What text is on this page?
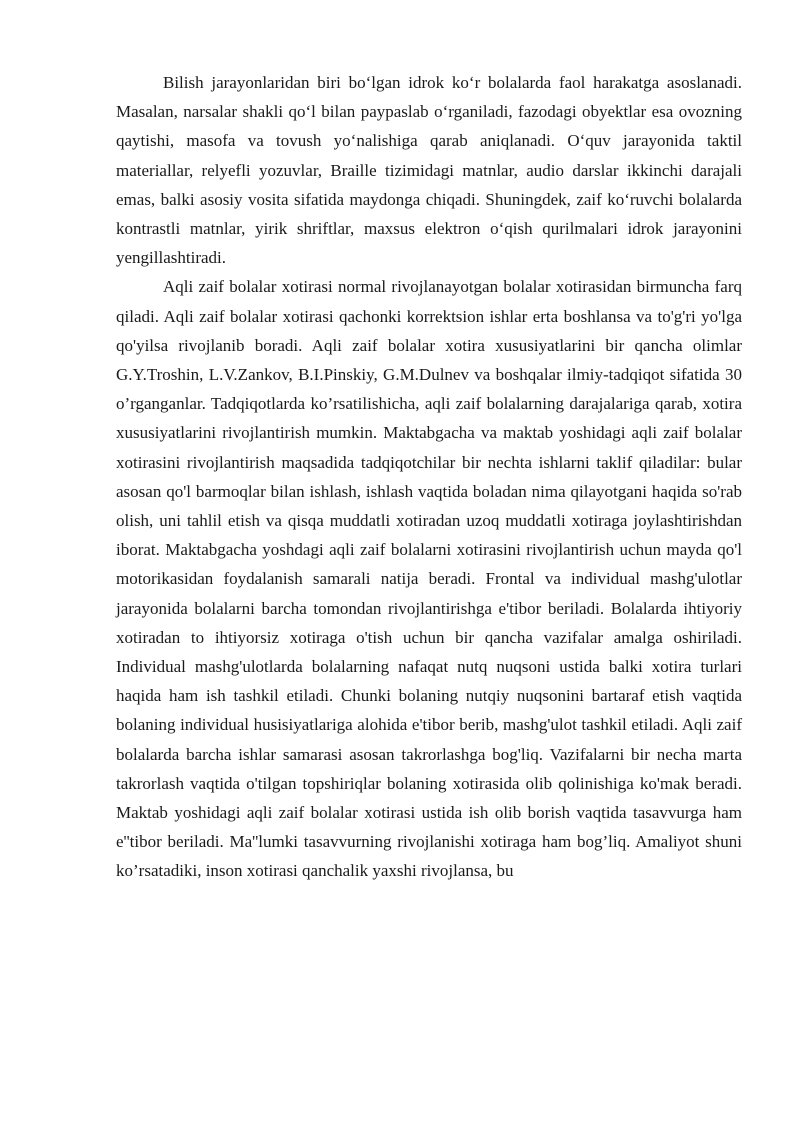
Bilish jarayonlaridan biri bo‘lgan idrok ko‘r bolalarda faol harakatga asoslanadi. Masalan, narsalar shakli qo‘l bilan paypaslab o‘rganiladi, fazodagi obyektlar esa ovozning qaytishi, masofa va tovush yo‘nalishiga qarab aniqlanadi. O‘quv jarayonida taktil materiallar, relyefli yozuvlar, Braille tizimidagi matnlar, audio darslar ikkinchi darajali emas, balki asosiy vosita sifatida maydonga chiqadi. Shuningdek, zaif ko‘ruvchi bolalarda kontrastli matnlar, yirik shriftlar, maxsus elektron o‘qish qurilmalari idrok jarayonini yengillashtiradi.

Aqli zaif bolalar xotirasi normal rivojlanayotgan bolalar xotirasidan birmuncha farq qiladi. Aqli zaif bolalar xotirasi qachonki korrektsion ishlar erta boshlansa va to'g'ri yo'lga qo'yilsa rivojlanib boradi. Aqli zaif bolalar xotira xususiyatlarini bir qancha olimlar G.Y.Troshin, L.V.Zankov, B.I.Pinskiy, G.M.Dulnev va boshqalar ilmiy-tadqiqot sifatida 30 o’rganganlar. Tadqiqotlarda ko’rsatilishicha, aqli zaif bolalarning darajalariga qarab, xotira xususiyatlarini rivojlantirish mumkin. Maktabgacha va maktab yoshidagi aqli zaif bolalar xotirasini rivojlantirish maqsadida tadqiqotchilar bir nechta ishlarni taklif qiladilar: bular asosan qo'l barmoqlar bilan ishlash, ishlash vaqtida boladan nima qilayotgani haqida so'rab olish, uni tahlil etish va qisqa muddatli xotiradan uzoq muddatli xotiraga joylashtirishdan iborat. Maktabgacha yoshdagi aqli zaif bolalarni xotirasini rivojlantirish uchun mayda qo'l motorikasidan foydalanish samarali natija beradi. Frontal va individual mashg'ulotlar jarayonida bolalarni barcha tomondan rivojlantirishga e'tibor beriladi. Bolalarda ihtiyoriy xotiradan to ihtiyorsiz xotiraga o'tish uchun bir qancha vazifalar amalga oshiriladi. Individual mashg'ulotlarda bolalarning nafaqat nutq nuqsoni ustida balki xotira turlari haqida ham ish tashkil etiladi. Chunki bolaning nutqiy nuqsonini bartaraf etish vaqtida bolaning individual husisiyatlariga alohida e'tibor berib, mashg'ulot tashkil etiladi. Aqli zaif bolalarda barcha ishlar samarasi asosan takrorlashga bog'liq. Vazifalarni bir necha marta takrorlash vaqtida o'tilgan topshiriqlar bolaning xotirasida olib qolinishiga ko'mak beradi. Maktab yoshidagi aqli zaif bolalar xotirasi ustida ish olib borish vaqtida tasavvurga ham e''tibor beriladi. Ma''lumki tasavvurning rivojlanishi xotiraga ham bog’liq. Amaliyot shuni ko’rsatadiki, inson xotirasi qanchalik yaxshi rivojlansa, bu
